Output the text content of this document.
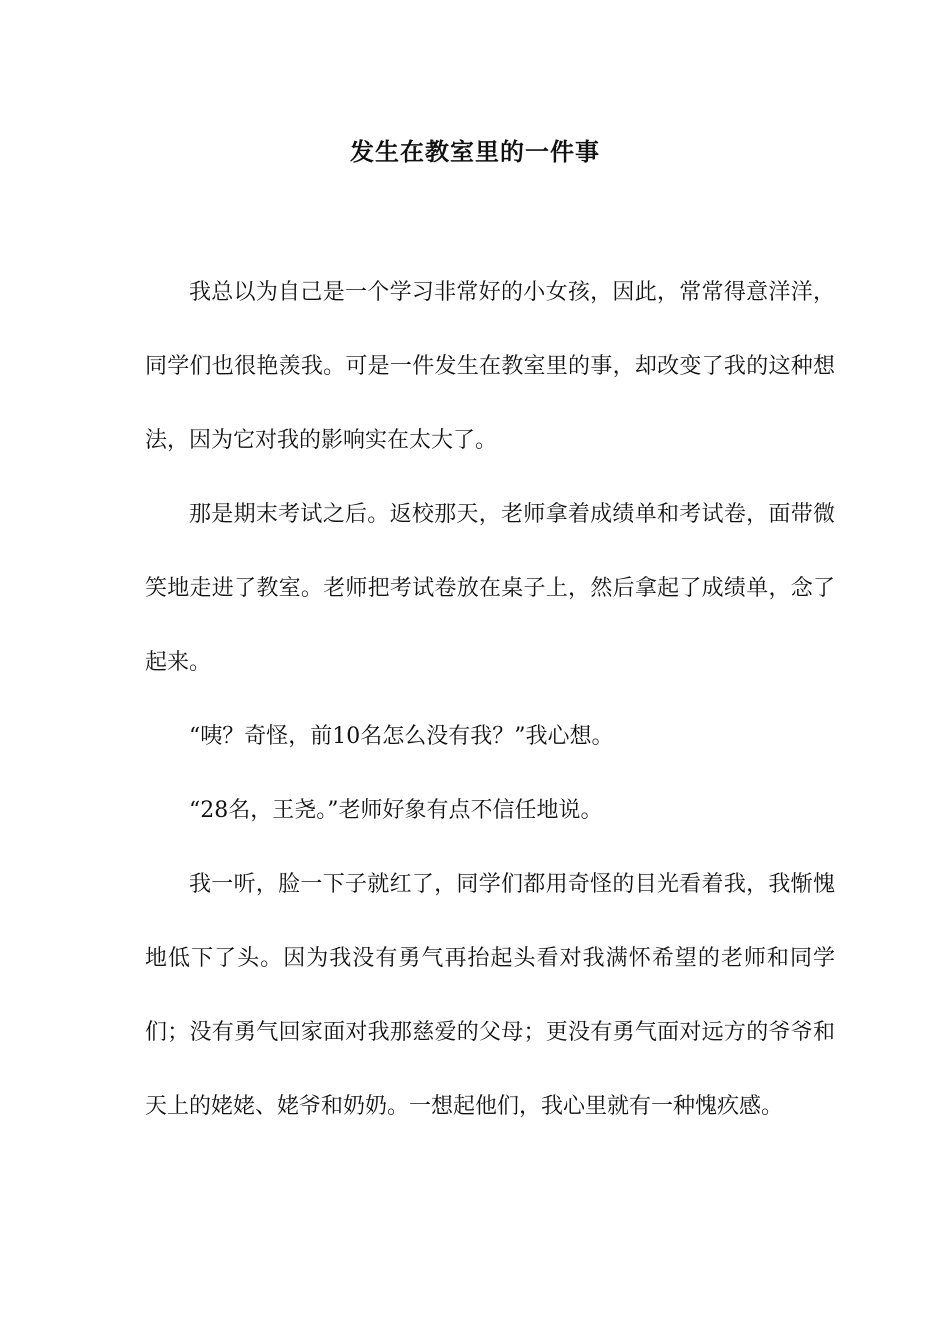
发生在教室里的一件事

我总以为自己是一个学习非常好的小女孩，因此，常常得意洋洋，同学们也很艳羡我。可是一件发生在教室里的事，却改变了我的这种想法，因为它对我的影响实在太大了。

那是期末考试之后。返校那天，老师拿着成绩单和考试卷，面带微笑地走进了教室。老师把考试卷放在桌子上，然后拿起了成绩单，念了起来。

“咦？奇怪，前10名怎么没有我？”我心想。

“28名，王尧。”老师好象有点不信任地说。

我一听，脸一下子就红了，同学们都用奇怪的目光看着我，我惭愧地低下了头。因为我没有勇气再抬起头看对我满怀希望的老师和同学们；没有勇气回家面对我那慈爱的父母；更没有勇气面对远方的爷爷和天上的姥姥、姥爷和奶奶。一想起他们，我心里就有一种愧疚感。
